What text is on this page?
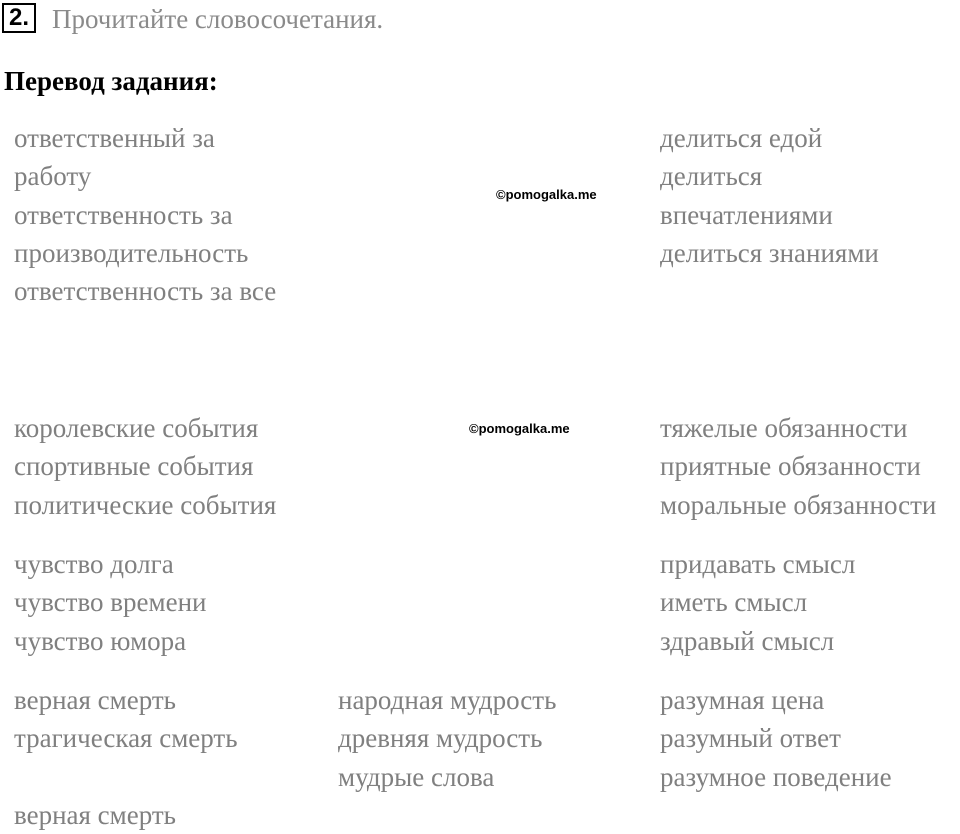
2. Прочитайте словосочетания.
Перевод задания:
©pomogalka.me
©pomogalka.me
ответственный за
работу
ответственность за
производительность
ответственность за все
делиться едой
делиться
впечатлениями
делиться знаниями
королевские события
спортивные события
политические события
тяжелые обязанности
приятные обязанности
моральные обязанности
чувство долга
чувство времени
чувство юмора
придавать смысл
иметь смысл
здравый смысл
верная смерть
трагическая смерть
народная мудрость
древняя мудрость
мудрые слова
разумная цена
разумный ответ
разумное поведение
верная смерть
